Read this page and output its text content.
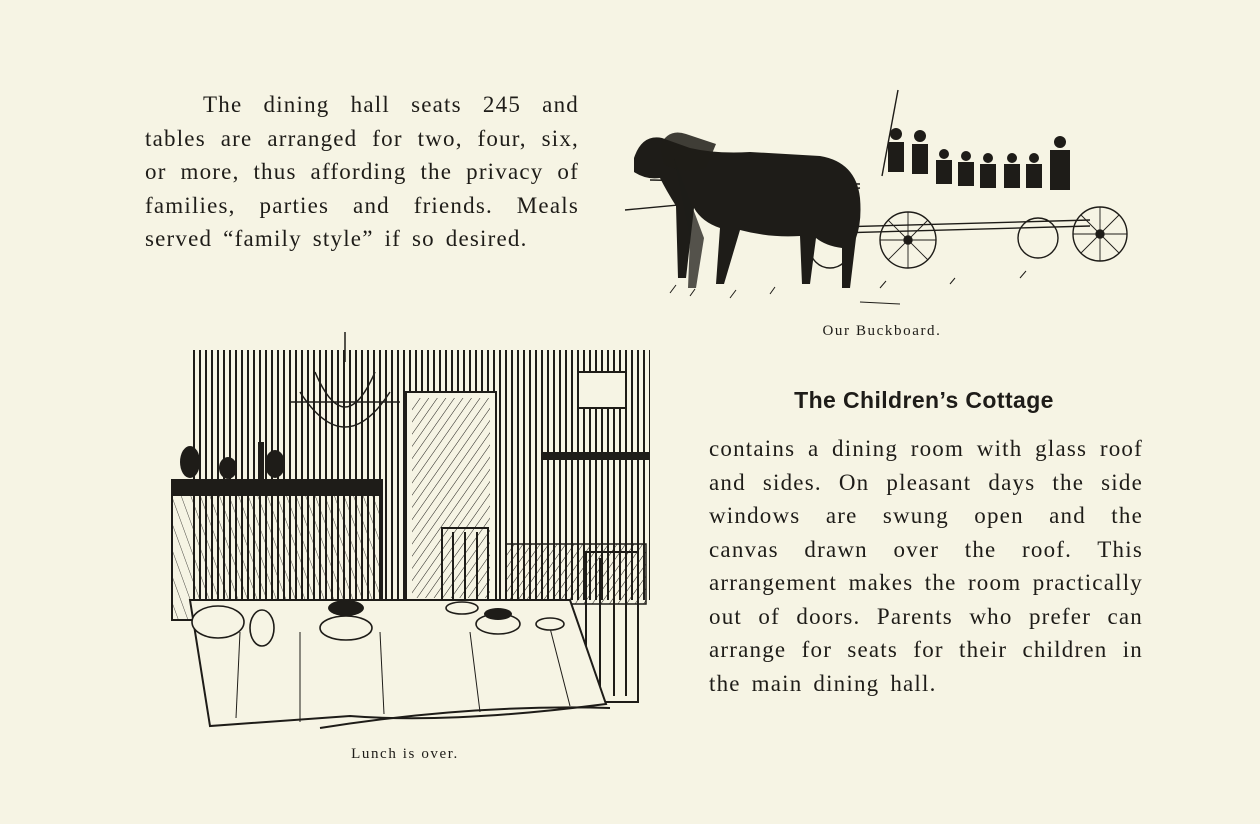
The dining hall seats 245 and tables are arranged for two, four, six, or more, thus affording the privacy of families, parties and friends. Meals served “family style” if so desired.

Our Buckboard.

The Children’s Cottage

contains a dining room with glass roof and sides. On pleasant days the side windows are swung open and the canvas drawn over the roof. This arrangement makes the room practically out of doors. Parents who prefer can arrange for seats for their children in the main dining hall.

Lunch is over.
